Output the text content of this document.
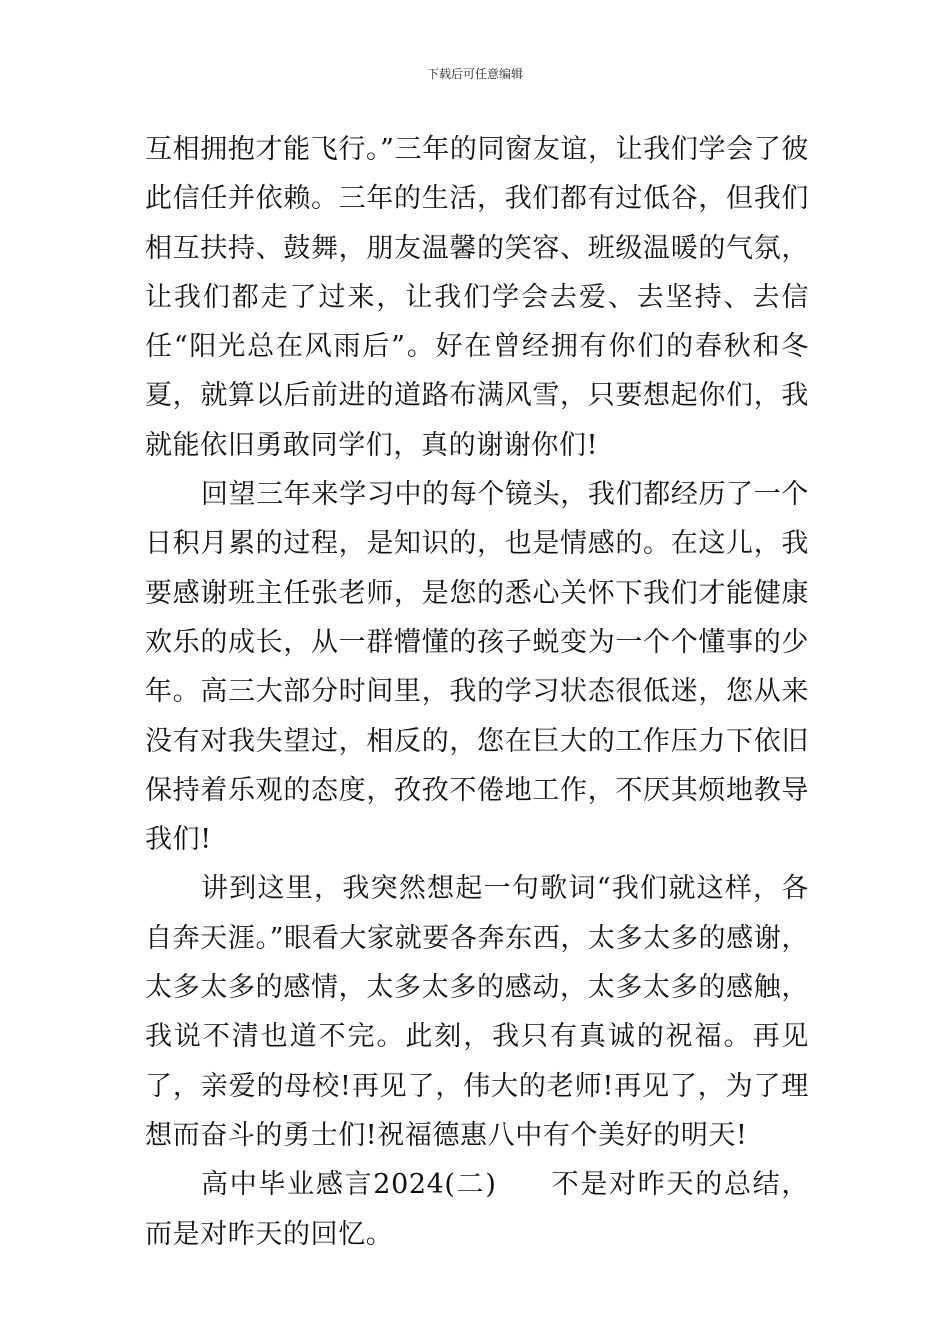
下载后可任意编辑

互相拥抱才能飞行。”三年的同窗友谊，让我们学会了彼此信任并依赖。三年的生活，我们都有过低谷，但我们相互扶持、鼓舞，朋友温馨的笑容、班级温暖的气氛，让我们都走了过来，让我们学会去爱、去坚持、去信任“阳光总在风雨后”。好在曾经拥有你们的春秋和冬夏，就算以后前进的道路布满风雪，只要想起你们，我就能依旧勇敢同学们，真的谢谢你们!

回望三年来学习中的每个镜头，我们都经历了一个日积月累的过程，是知识的，也是情感的。在这儿，我要感谢班主任张老师，是您的悉心关怀下我们才能健康欢乐的成长，从一群懵懂的孩子蜕变为一个个懂事的少年。高三大部分时间里，我的学习状态很低迷，您从来没有对我失望过，相反的，您在巨大的工作压力下依旧保持着乐观的态度，孜孜不倦地工作，不厌其烦地教导我们!

讲到这里，我突然想起一句歌词“我们就这样，各自奔天涯。”眼看大家就要各奔东西，太多太多的感谢，太多太多的感情，太多太多的感动，太多太多的感触，我说不清也道不完。此刻，我只有真诚的祝福。再见了，亲爱的母校!再见了，伟大的老师!再见了，为了理想而奋斗的勇士们!祝福德惠八中有个美好的明天!

高中毕业感言2024(二) 不是对昨天的总结，而是对昨天的回忆。
